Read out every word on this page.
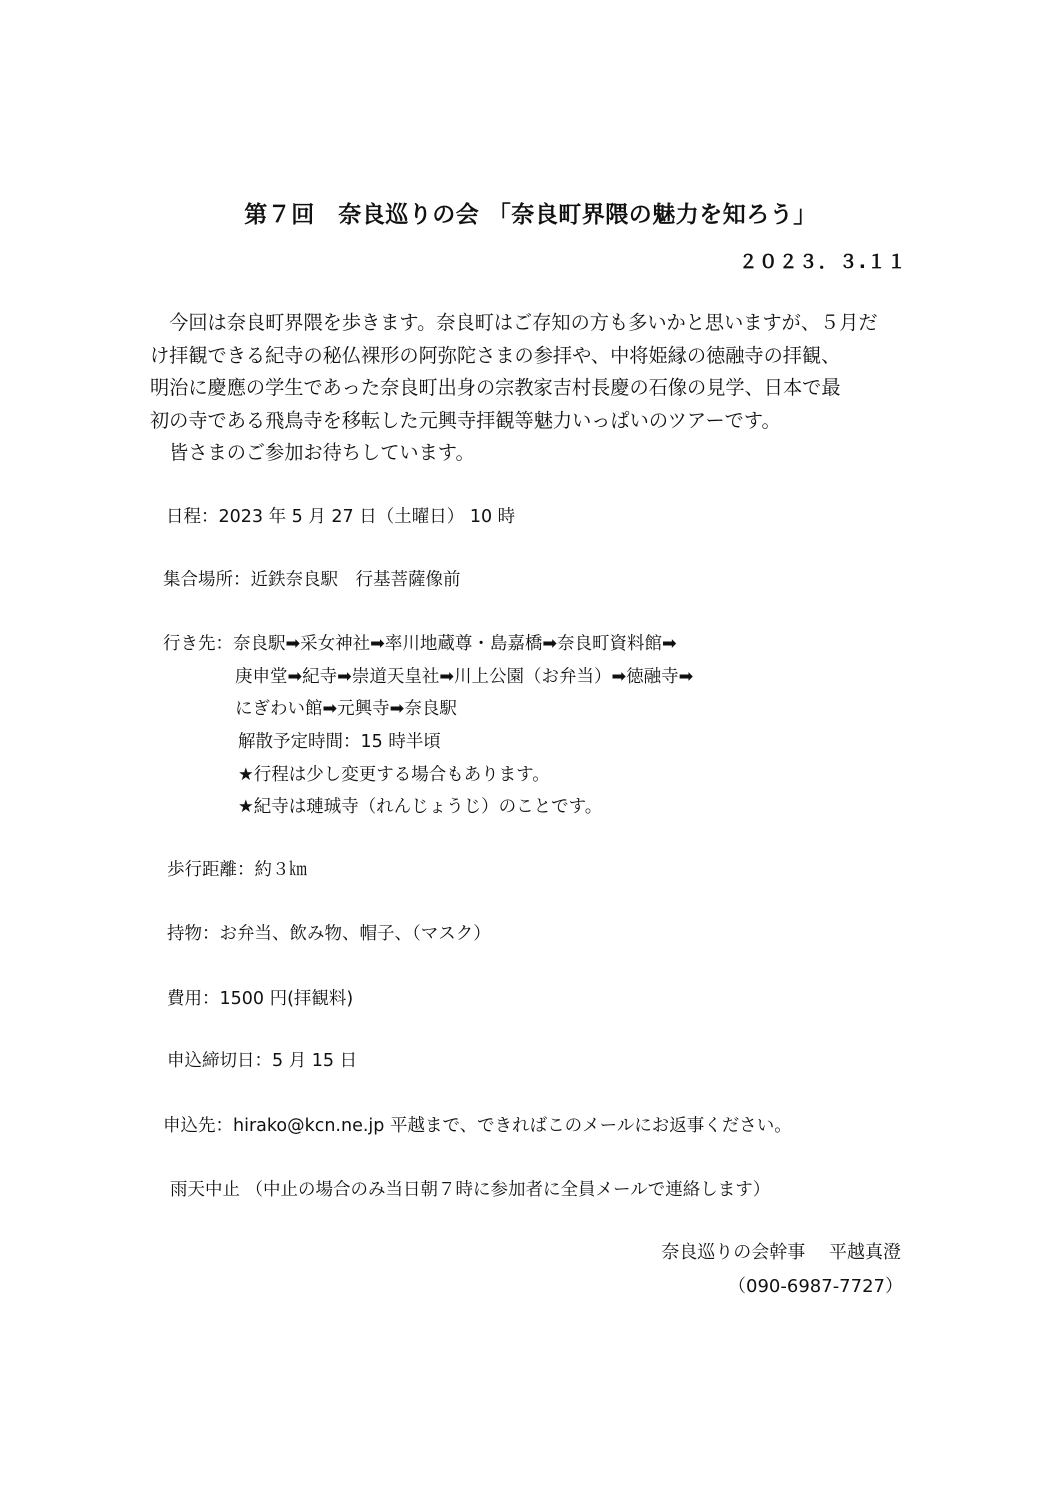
第７回　奈良巡りの会 「奈良町界隈の魅力を知ろう」
２０２３．３.１１

　今回は奈良町界隈を歩きます。奈良町はご存知の方も多いかと思いますが、５月だ

け拝観できる紀寺の秘仏裸形の阿弥陀さまの参拝や、中将姫縁の徳融寺の拝観、

明治に慶應の学生であった奈良町出身の宗教家吉村長慶の石像の見学、日本で最

初の寺である飛鳥寺を移転した元興寺拝観等魅力いっぱいのツアーです。

　皆さまのご参加お待ちしています。

日程：2023 年 5 月 27 日（土曜日） 10 時
集合場所：近鉄奈良駅　行基菩薩像前
行き先：奈良駅➡采女神社➡率川地蔵尊・島嘉橋➡奈良町資料館➡
庚申堂➡紀寺➡崇道天皇社➡川上公園（お弁当）➡徳融寺➡
にぎわい館➡元興寺➡奈良駅
解散予定時間：15 時半頃
★行程は少し変更する場合もあります。
★紀寺は璉珹寺（れんじょうじ）のことです。
歩行距離：約３㎞
持物：お弁当、飲み物、帽子、（マスク）
費用：1500 円(拝観料)
申込締切日：5 月 15 日
申込先：hirako@kcn.ne.jp 平越まで、できればこのメールにお返事ください。
雨天中止 （中止の場合のみ当日朝７時に参加者に全員メールで連絡します）
奈良巡りの会幹事　 平越真澄
（090-6987-7727）
